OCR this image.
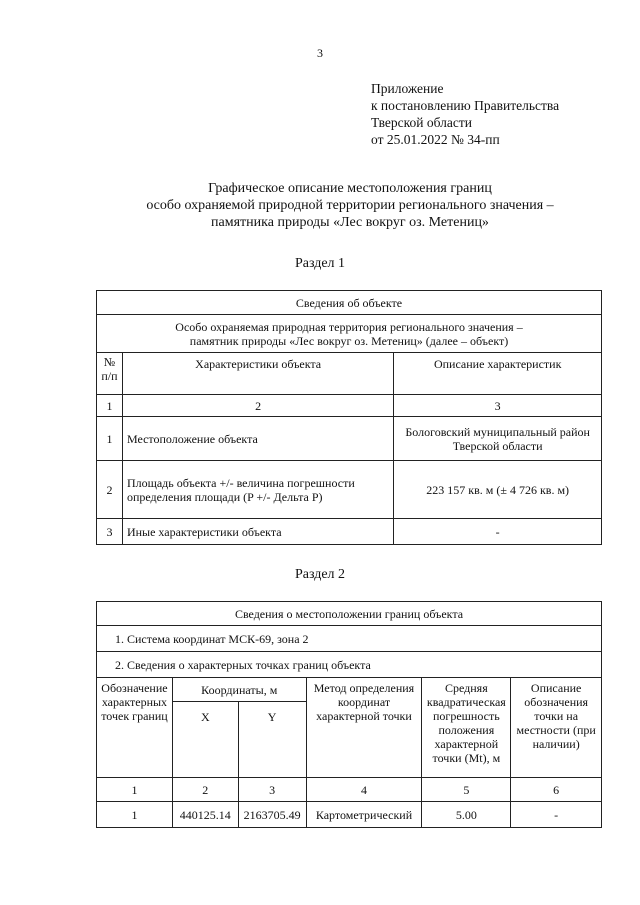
3
Приложение
к постановлению Правительства
Тверской области
от 25.01.2022 № 34-пп
Графическое описание местоположения границ
особо охраняемой природной территории регионального значения –
памятника природы «Лес вокруг оз. Метениц»
Раздел 1
Сведения об объекте		

Особо охраняемая природная территория регионального значения –
памятник природы «Лес вокруг оз. Метениц» (далее – объект)		

№ п/п	Характеристики объекта	Описание характеристик
1	2	3
1	Местоположение объекта	Бологовский муниципальный район Тверской области
2	Площадь объекта +/- величина погрешности определения площади (P +/- Дельта P)	223 157 кв. м (± 4 726 кв. м)
3	Иные характеристики объекта	-
Раздел 2
Сведения о местоположении границ объекта					
1. Система координат МСК-69, зона 2					
2. Сведения о характерных точках границ объекта					
Обозначение характерных точек границ	Координаты, м		Метод определения координат характерной точки	Средняя квадратическая погрешность положения характерной точки (Mt), м	Описание обозначения точки на местности (при наличии)
	X	Y			
1	2	3	4	5	6
1	440125.14	2163705.49	Картометрический	5.00	-
